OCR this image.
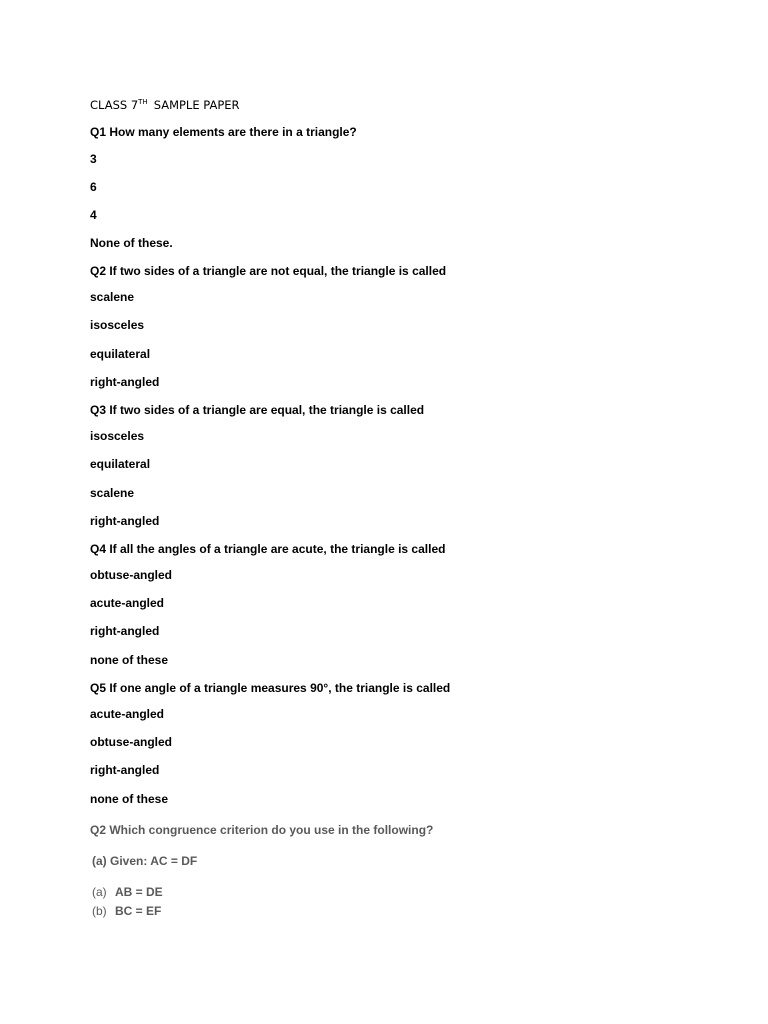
CLASS 7TH SAMPLE PAPER
Q1 How many elements are there in a triangle?
3
6
4
None of these.
Q2 If two sides of a triangle are not equal, the triangle is called
scalene
isosceles
equilateral
right-angled
Q3 If two sides of a triangle are equal, the triangle is called
isosceles
equilateral
scalene
right-angled
Q4 If all the angles of a triangle are acute, the triangle is called
obtuse-angled
acute-angled
right-angled
none of these
Q5 If one angle of a triangle measures 90°, the triangle is called
acute-angled
obtuse-angled
right-angled
none of these
Q2 Which congruence criterion do you use in the following?
(a) Given: AC = DF
(a) AB = DE
(b) BC = EF
